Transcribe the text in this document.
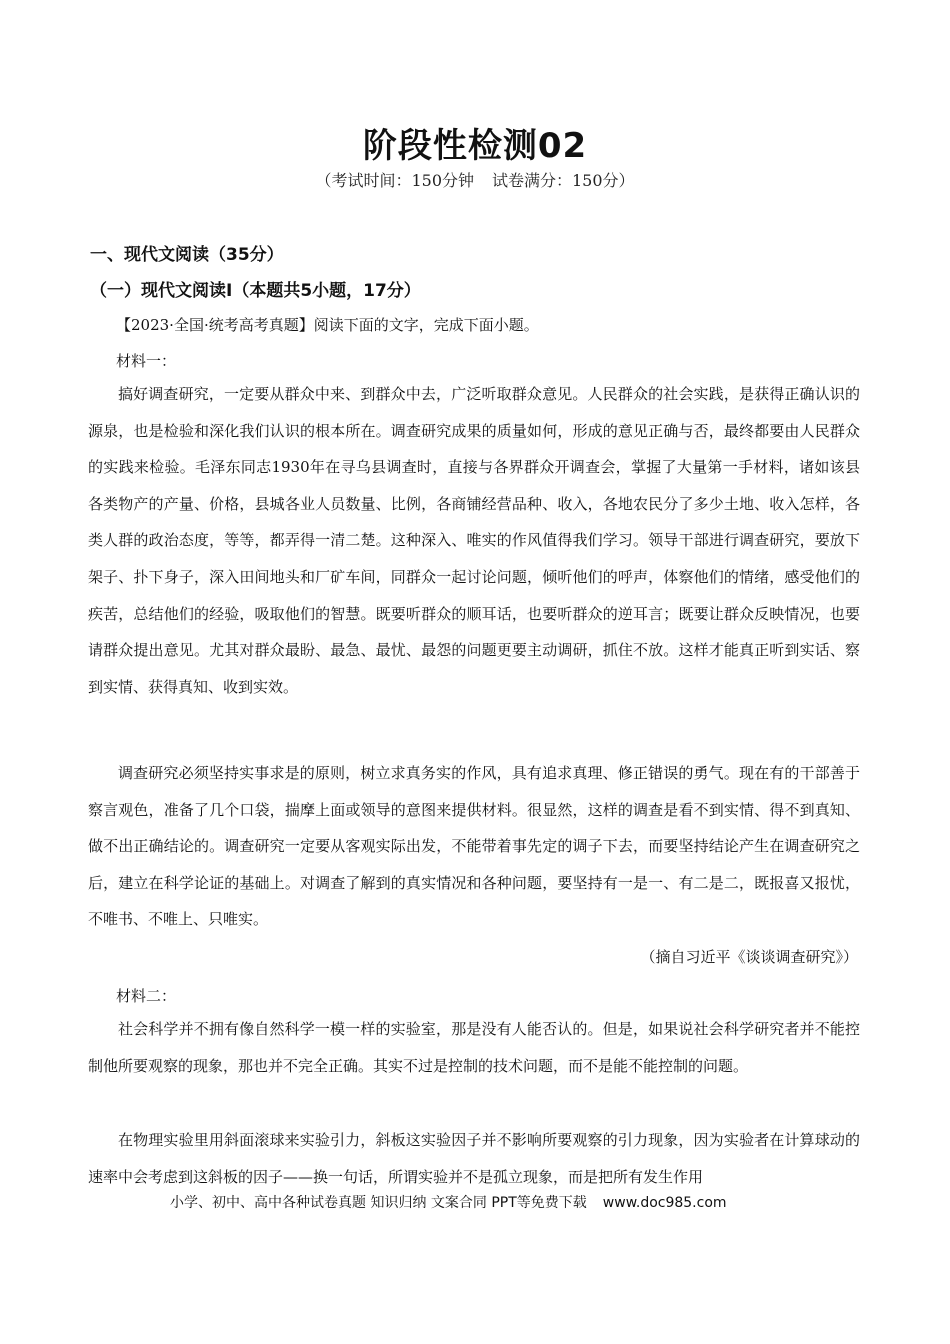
阶段性检测02
（考试时间：150分钟 试卷满分：150分）
一、现代文阅读（35分）
（一）现代文阅读Ⅰ（本题共5小题，17分）
【2023·全国·统考高考真题】阅读下面的文字，完成下面小题。
材料一：

搞好调查研究，一定要从群众中来、到群众中去，广泛听取群众意见。人民群众的社会实践，是获得正确认识的源泉，也是检验和深化我们认识的根本所在。调查研究成果的质量如何，形成的意见正确与否，最终都要由人民群众的实践来检验。毛泽东同志1930年在寻乌县调查时，直接与各界群众开调查会，掌握了大量第一手材料，诸如该县各类物产的产量、价格，县城各业人员数量、比例，各商铺经营品种、收入，各地农民分了多少土地、收入怎样，各类人群的政治态度，等等，都弄得一清二楚。这种深入、唯实的作风值得我们学习。领导干部进行调查研究，要放下架子、扑下身子，深入田间地头和厂矿车间，同群众一起讨论问题，倾听他们的呼声，体察他们的情绪，感受他们的疾苦，总结他们的经验，吸取他们的智慧。既要听群众的顺耳话，也要听群众的逆耳言；既要让群众反映情况，也要请群众提出意见。尤其对群众最盼、最急、最忧、最怨的问题更要主动调研，抓住不放。这样才能真正听到实话、察到实情、获得真知、收到实效。

调查研究必须坚持实事求是的原则，树立求真务实的作风，具有追求真理、修正错误的勇气。现在有的干部善于察言观色，准备了几个口袋，揣摩上面或领导的意图来提供材料。很显然，这样的调查是看不到实情、得不到真知、做不出正确结论的。调查研究一定要从客观实际出发，不能带着事先定的调子下去，而要坚持结论产生在调查研究之后，建立在科学论证的基础上。对调查了解到的真实情况和各种问题，要坚持有一是一、有二是二，既报喜又报忧，不唯书、不唯上、只唯实。

（摘自习近平《谈谈调查研究》）
材料二：

社会科学并不拥有像自然科学一模一样的实验室，那是没有人能否认的。但是，如果说社会科学研究者并不能控制他所要观察的现象，那也并不完全正确。其实不过是控制的技术问题，而不是能不能控制的问题。

在物理实验里用斜面滚球来实验引力，斜板这实验因子并不影响所要观察的引力现象，因为实验者在计算球动的速率中会考虑到这斜板的因子——换一句话，所谓实验并不是孤立现象，而是把所有发生作用

小学、初中、高中各种试卷真题 知识归纳 文案合同 PPT等免费下载 www.doc985.com
